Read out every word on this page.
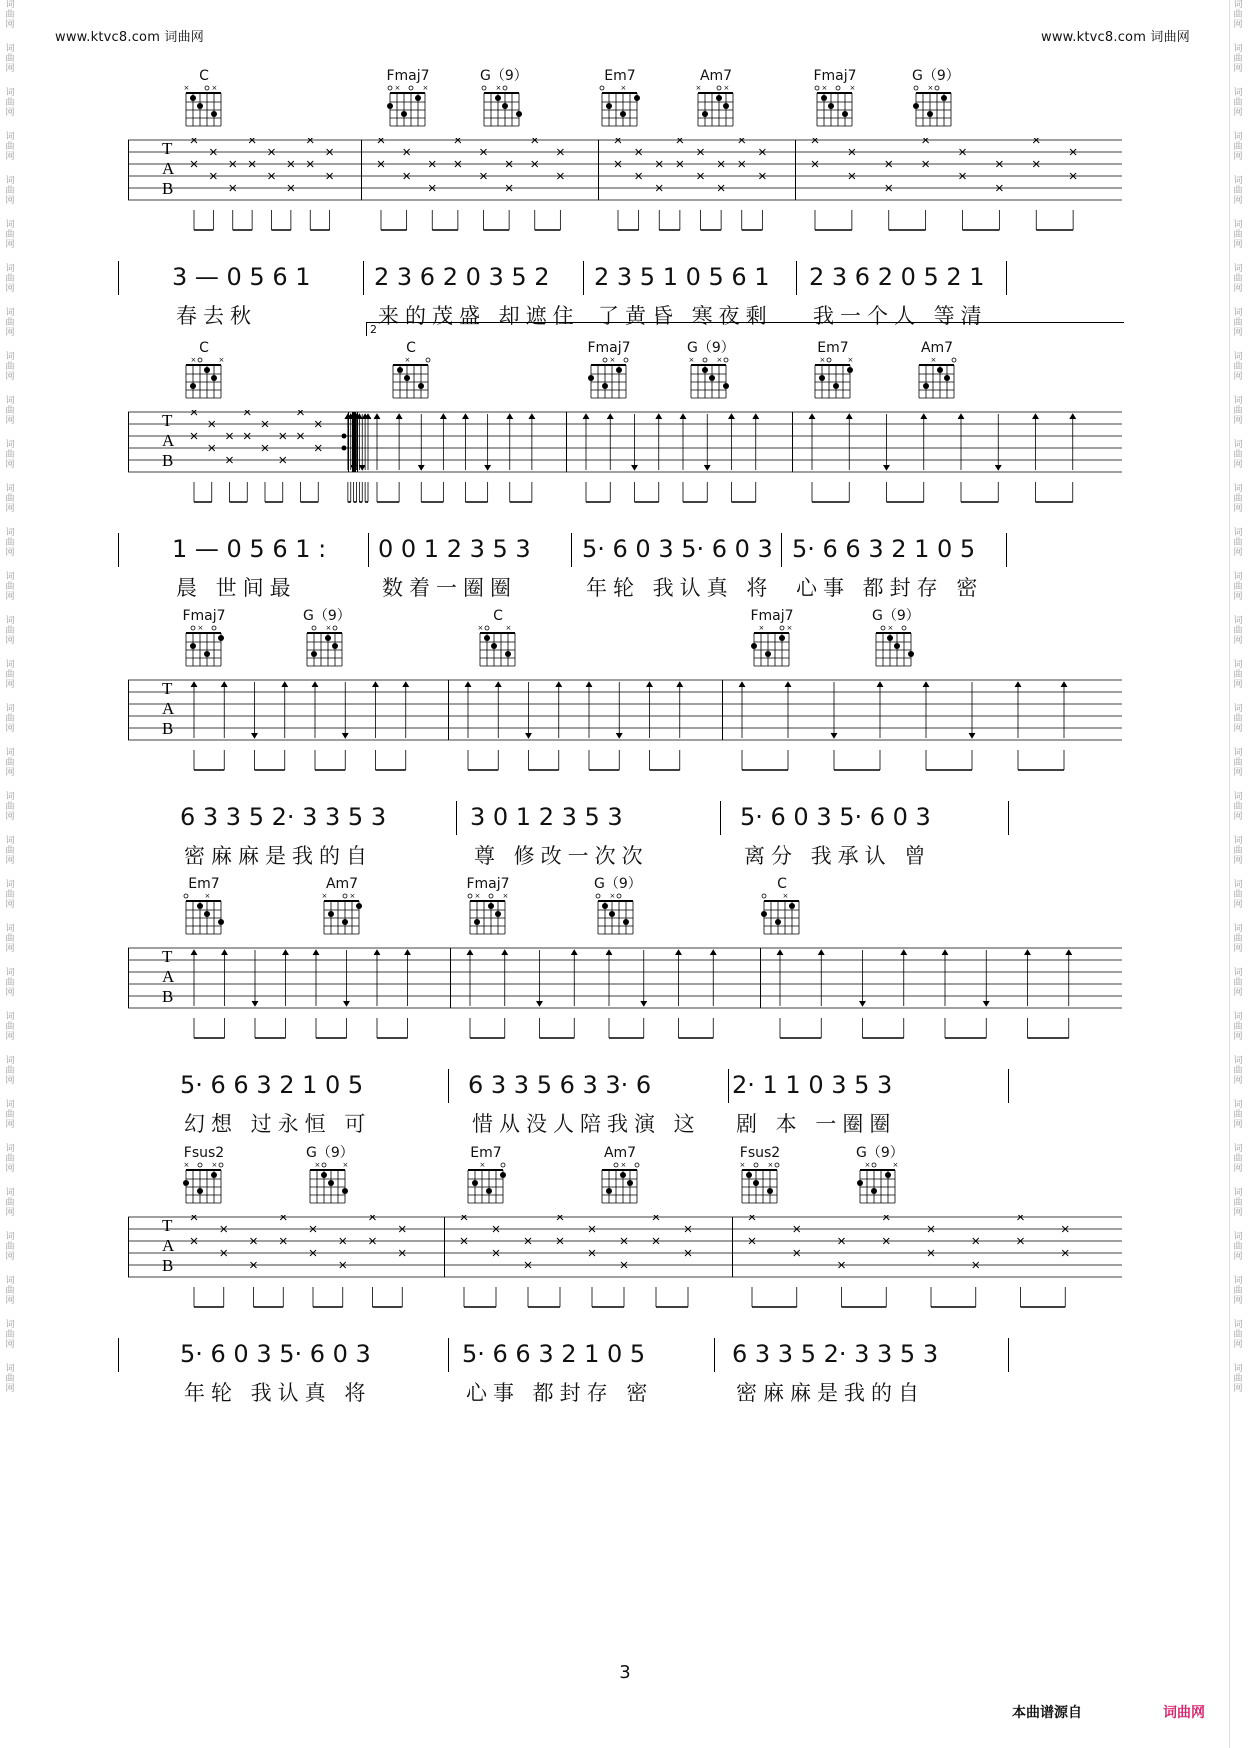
www.ktvc8.com 词曲网	www.ktvc8.com 词曲网
词
曲
网
词
曲
网
词
曲
网
词
曲
网
词
曲
网
词
曲
网
词
曲
网
词
曲
网
词
曲
网
词
曲
网
词
曲
网
词
曲
网
词
曲
网
词
曲
网
词
曲
网
词
曲
网
词
曲
网
词
曲
网
词
曲
网
词
曲
网
词
曲
网
词
曲
网
词
曲
网
词
曲
网
词
曲
网
词
曲
网
词
曲
网
词
曲
网
词
曲
网
词
曲
网
词
曲
网
词
曲
网
词
曲
网
词
曲
网
词
曲
网
词
曲
网
词
曲
网
词
曲
网
词
曲
网
词
曲
网
词
曲
网
词
曲
网
词
曲
网
词
曲
网
词
曲
网
词
曲
网
词
曲
网
词
曲
网
词
曲
网
词
曲
网
词
曲
网
词
曲
网
词
曲
网
词
曲
网
词
曲
网
词
曲
网
词
曲
网
词
曲
网
词
曲
网
词
曲
网
词
曲
网
词
曲
网
词
曲
网
词
曲
网
C
×	×
Fmaj7
×	×
G（9）
×
Em7
×
Am7
×	×
Fmaj7
×	×
G（9）
×
T
A
B
3 — 0 5 6 1	2 3 6 2 0 3 5 2 2 3 5 1 0 5 6 1 2 3 6 2 0 5 2 1
春去秋	来的茂盛 却遮住 了黄昏 寒夜剩 我一个人 等清
2
C
×	×
C
×
Fmaj7
×
G（9）
×	×
Em7
×	×
Am7
×
T
A
B
1 — 0 5 6 1 : 0 0 1 2 3 5 3 5· 6 0 3 5· 6 0 3 5· 6 6 3 2 1 0 5
晨 世间最	数着一圈圈	年轮 我认真 将 心事 都封存 密
Fmaj7
×
G（9）
×
C
×	×
Fmaj7
×	×
G（9）
×
T
A
B
6 3 3 5 2· 3 3 5 3	3 0 1 2 3 5 3	5· 6 0 3 5· 6 0 3
密麻麻是我的自	尊 修改一次次	离分 我承认 曾
Em7
×
Am7
×	×
Fmaj7
×	×
G（9）
×
C
×
T
A
B
5· 6 6 3 2 1 0 5	6 3 3 5 6 3 3· 6	2· 1 1 0 3 5 3
幻想 过永恒 可	惜从没人陪我演 这 剧 本 一圈圈
Fsus2
×	×
G（9）
×	×
Em7
×
Am7
×
Fsus2
×	×
G（9）
×	×
T
A
B
5· 6 0 3 5· 6 0 3	5· 6 6 3 2 1 0 5	6 3 3 5 2· 3 3 5 3
年轮 我认真 将	心事 都封存 密	密麻麻是我的自
3
本曲谱源自	词曲网
